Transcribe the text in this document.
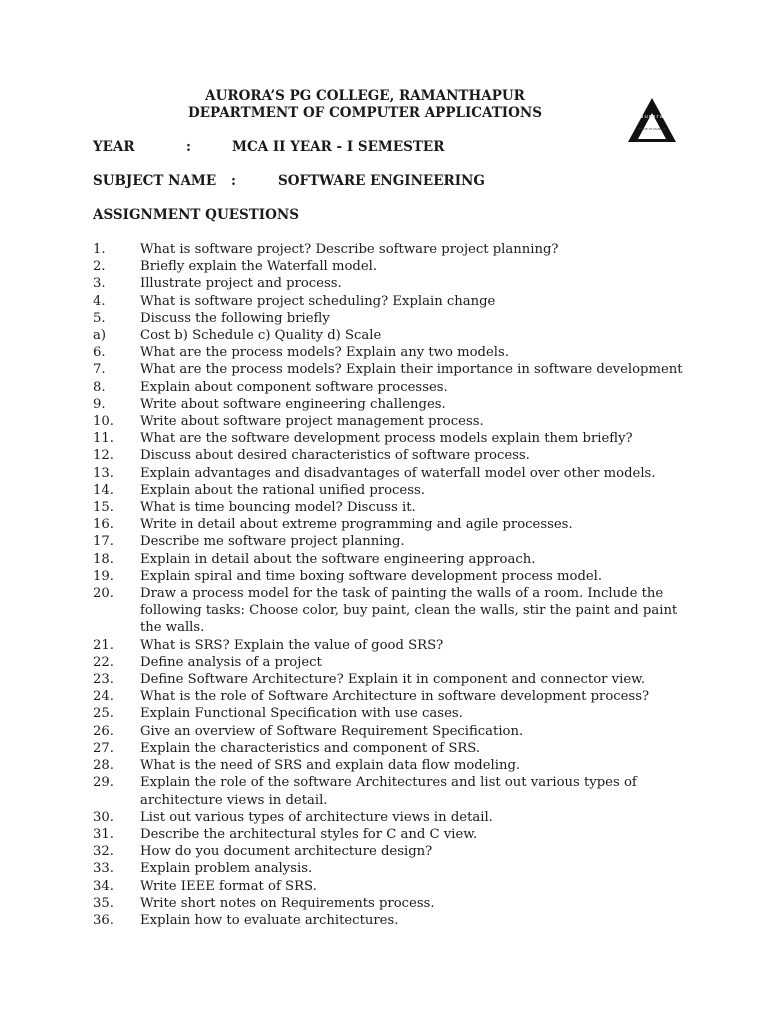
AURORA’S PG COLLEGE, RAMANTHAPUR
DEPARTMENT OF COMPUTER APPLICATIONS	aurora
TEMPLE OF LEARNING
YEAR	:	MCA II YEAR - I SEMESTER
SUBJECT NAME :	SOFTWARE ENGINEERING
ASSIGNMENT QUESTIONS
1.	What is software project? Describe software project planning?
2.	Briefly explain the Waterfall model.
3.	Illustrate project and process.
4.	What is software project scheduling? Explain change
5.	Discuss the following briefly
a)	Cost b) Schedule c) Quality d) Scale
6.	What are the process models? Explain any two models.
7.	What are the process models? Explain their importance in software development
8.	Explain about component software processes.
9.	Write about software engineering challenges.
10. Write about software project management process.
11. What are the software development process models explain them briefly?
12. Discuss about desired characteristics of software process.
13. Explain advantages and disadvantages of waterfall model over other models.
14. Explain about the rational unified process.
15. What is time bouncing model? Discuss it.
16. Write in detail about extreme programming and agile processes.
17. Describe me software project planning.
18. Explain in detail about the software engineering approach.
19. Explain spiral and time boxing software development process model.
20. Draw a process model for the task of painting the walls of a room. Include the following tasks: Choose color, buy paint, clean the walls, stir the paint and paint the walls.
21. What is SRS? Explain the value of good SRS?
22. Define analysis of a project
23. Define Software Architecture? Explain it in component and connector view.
24. What is the role of Software Architecture in software development process?
25. Explain Functional Specification with use cases.
26. Give an overview of Software Requirement Specification.
27. Explain the characteristics and component of SRS.
28. What is the need of SRS and explain data flow modeling.
29. Explain the role of the software Architectures and list out various types of architecture views in detail.
30. List out various types of architecture views in detail.
31. Describe the architectural styles for C and C view.
32. How do you document architecture design?
33. Explain problem analysis.
34. Write IEEE format of SRS.
35. Write short notes on Requirements process.
36. Explain how to evaluate architectures.
